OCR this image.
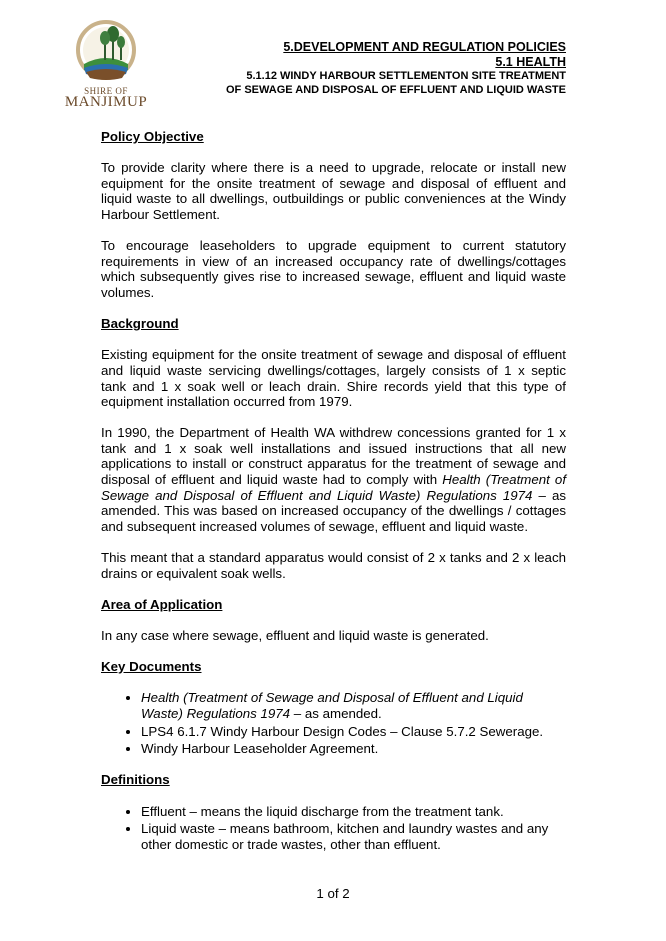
SHIRE OF
MANJIMUP
5.DEVELOPMENT AND REGULATION POLICIES
5.1 HEALTH
5.1.12 WINDY HARBOUR SETTLEMENTON SITE TREATMENT
OF SEWAGE AND DISPOSAL OF EFFLUENT AND LIQUID WASTE
Policy Objective

To provide clarity where there is a need to upgrade, relocate or install new equipment for the onsite treatment of sewage and disposal of effluent and liquid waste to all dwellings, outbuildings or public conveniences at the Windy Harbour Settlement.

To encourage leaseholders to upgrade equipment to current statutory requirements in view of an increased occupancy rate of dwellings/cottages which subsequently gives rise to increased sewage, effluent and liquid waste volumes.

Background

Existing equipment for the onsite treatment of sewage and disposal of effluent and liquid waste servicing dwellings/cottages, largely consists of 1 x septic tank and 1 x soak well or leach drain. Shire records yield that this type of equipment installation occurred from 1979.

In 1990, the Department of Health WA withdrew concessions granted for 1 x tank and 1 x soak well installations and issued instructions that all new applications to install or construct apparatus for the treatment of sewage and disposal of effluent and liquid waste had to comply with Health (Treatment of Sewage and Disposal of Effluent and Liquid Waste) Regulations 1974 – as amended. This was based on increased occupancy of the dwellings / cottages and subsequent increased volumes of sewage, effluent and liquid waste.

This meant that a standard apparatus would consist of 2 x tanks and 2 x leach drains or equivalent soak wells.

Area of Application

In any case where sewage, effluent and liquid waste is generated.

Key Documents
• Health (Treatment of Sewage and Disposal of Effluent and Liquid Waste) Regulations 1974 – as amended.
• LPS4 6.1.7 Windy Harbour Design Codes – Clause 5.7.2 Sewerage.
• Windy Harbour Leaseholder Agreement.
Definitions
• Effluent – means the liquid discharge from the treatment tank.
• Liquid waste – means bathroom, kitchen and laundry wastes and any other domestic or trade wastes, other than effluent.
1 of 2
